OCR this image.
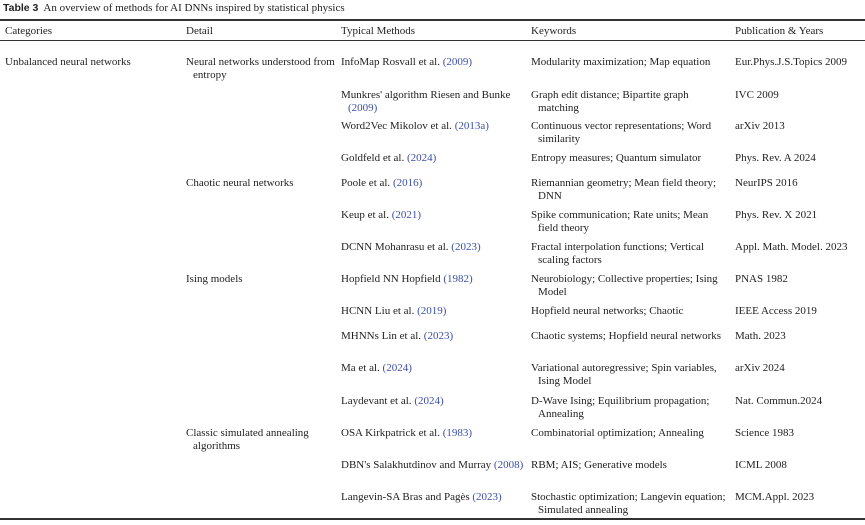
Table 3 An overview of methods for AI DNNs inspired by statistical physics
Categories	Detail	Typical Methods	Keywords	Publication & Years
Unbalanced neural networks	Neural networks understood from entropy	InfoMap Rosvall et al. (2009)	Modularity maximization; Map equation	Eur.Phys.J.S.Topics 2009
		Munkres' algorithm Riesen and Bunke (2009)	Graph edit distance; Bipartite graph matching	IVC 2009
		Word2Vec Mikolov et al. (2013a)	Continuous vector representations; Word similarity	arXiv 2013
		Goldfeld et al. (2024)	Entropy measures; Quantum simulator	Phys. Rev. A 2024
	Chaotic neural networks	Poole et al. (2016)	Riemannian geometry; Mean field theory; DNN	NeurIPS 2016
		Keup et al. (2021)	Spike communication; Rate units; Mean field theory	Phys. Rev. X 2021
		DCNN Mohanrasu et al. (2023)	Fractal interpolation functions; Vertical scaling factors	Appl. Math. Model. 2023
	Ising models	Hopfield NN Hopfield (1982)	Neurobiology; Collective properties; Ising Model	PNAS 1982
		HCNN Liu et al. (2019)	Hopfield neural networks; Chaotic	IEEE Access 2019
		MHNNs Lin et al. (2023)	Chaotic systems; Hopfield neural networks	Math. 2023
		Ma et al. (2024)	Variational autoregressive; Spin variables, Ising Model	arXiv 2024
		Laydevant et al. (2024)	D-Wave Ising; Equilibrium propagation; Annealing	Nat. Commun.2024
	Classic simulated annealing algorithms	OSA Kirkpatrick et al. (1983)	Combinatorial optimization; Annealing	Science 1983
		DBN's Salakhutdinov and Murray (2008)	RBM; AIS; Generative models	ICML 2008
		Langevin-SA Bras and Pagès (2023)	Stochastic optimization; Langevin equation; Simulated annealing	MCM.Appl. 2023
